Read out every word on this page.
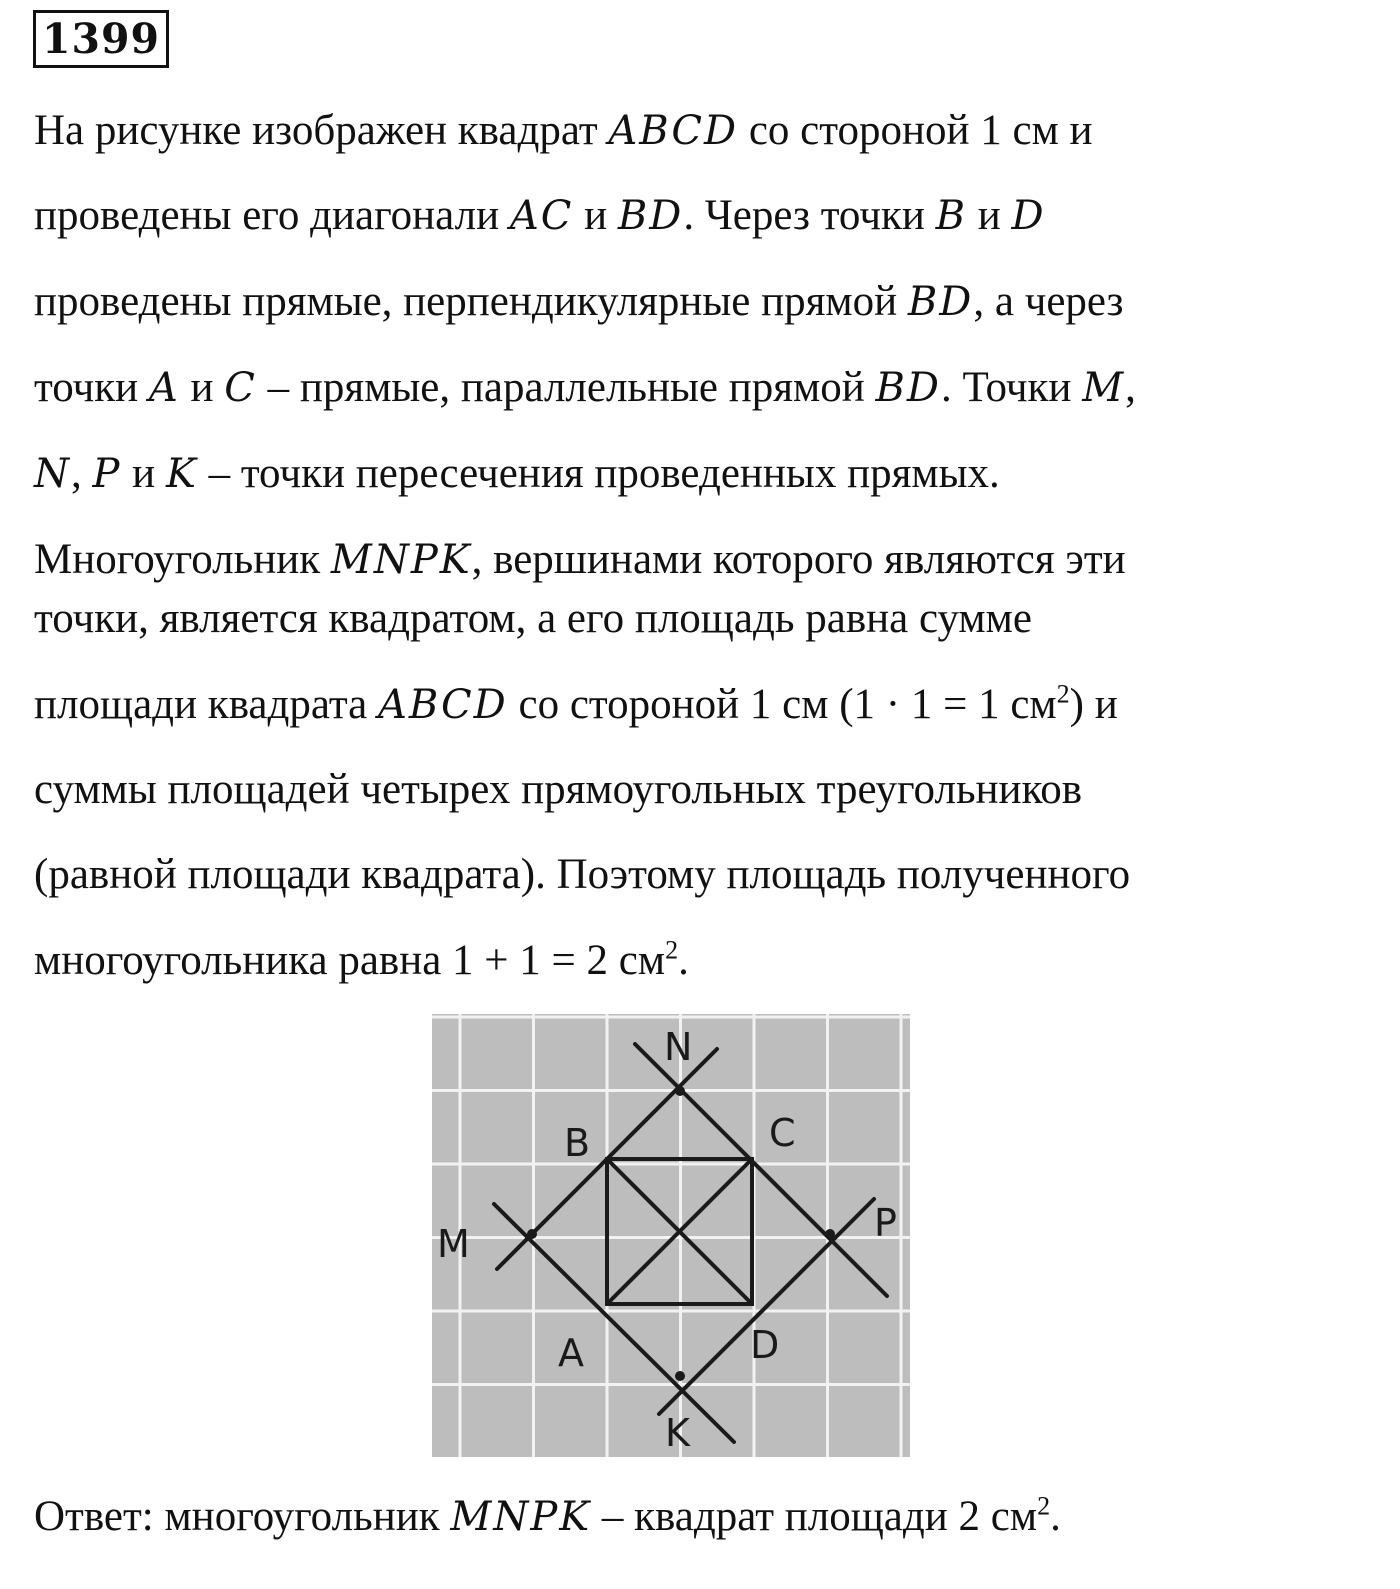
1399
На рисунке изображен квадрат ABCD со стороной 1 см и
проведены его диагонали AC и BD. Через точки B и D
проведены прямые, перпендикулярные прямой BD, а через
точки A и C – прямые, параллельные прямой BD. Точки M,
N, P и K – точки пересечения проведенных прямых.
Многоугольник MNPK, вершинами которого являются эти
точки, является квадратом, а его площадь равна сумме
площади квадрата ABCD со стороной 1 см (1 · 1 = 1 $см^2$) и
суммы площадей четырех прямоугольных треугольников
(равной площади квадрата). Поэтому площадь полученного
многоугольника равна 1 + 1 = 2 $см^2$.
N
B	C
M	P
A	D
K
Ответ: многоугольник MNPK – квадрат площади 2 $см^2$.
